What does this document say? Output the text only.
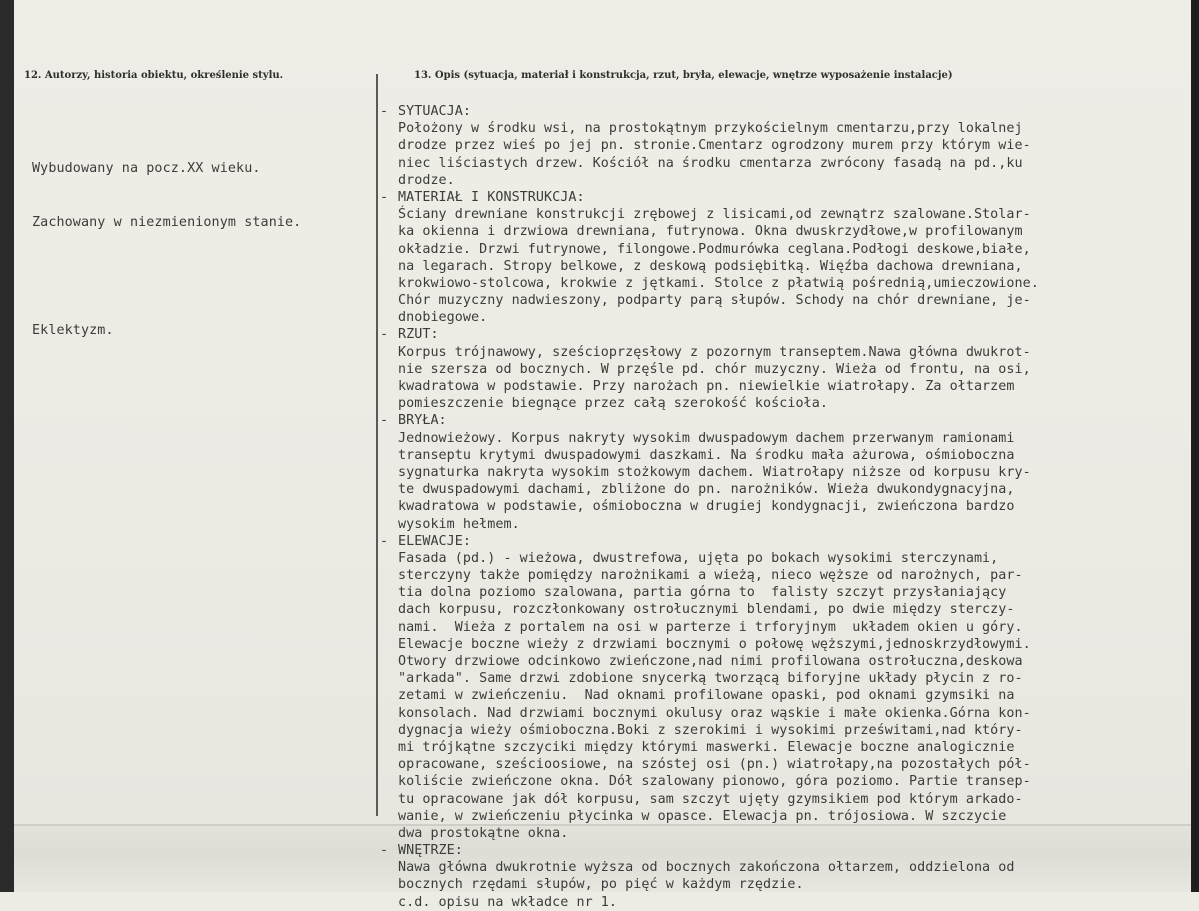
12. Autorzy, historia obiektu, określenie stylu.	13. Opis (sytuacja, materiał i konstrukcja, rzut, bryła, elewacje, wnętrze wyposażenie instalacje)

Wybudowany na pocz.XX wieku.

Zachowany w niezmienionym stanie.

Eklektyzm.

- SYTUACJA:
Położony w środku wsi, na prostokątnym przykościelnym cmentarzu,przy lokalnej
drodze przez wieś po jej pn. stronie.Cmentarz ogrodzony murem przy którym wie-
niec liściastych drzew. Kościół na środku cmentarza zwrócony fasadą na pd.,ku
drodze.
- MATERIAŁ I KONSTRUKCJA:
Ściany drewniane konstrukcji zrębowej z lisicami,od zewnątrz szalowane.Stolar-
ka okienna i drzwiowa drewniana, futrynowa. Okna dwuskrzydłowe,w profilowanym
okładzie. Drzwi futrynowe, filongowe.Podmurówka ceglana.Podłogi deskowe,białe,
na legarach. Stropy belkowe, z deskową podsiębitką. Więźba dachowa drewniana,
krokwiowo-stolcowa, krokwie z jętkami. Stolce z płatwią pośrednią,umieczowione.
Chór muzyczny nadwieszony, podparty parą słupów. Schody na chór drewniane, je-
dnobiegowe.
- RZUT:
Korpus trójnawowy, sześcioprzęsłowy z pozornym transeptem.Nawa główna dwukrot-
nie szersza od bocznych. W przęśle pd. chór muzyczny. Wieża od frontu, na osi,
kwadratowa w podstawie. Przy narożach pn. niewielkie wiatrołapy. Za ołtarzem
pomieszczenie biegnące przez całą szerokość kościoła.
- BRYŁA:
Jednowieżowy. Korpus nakryty wysokim dwuspadowym dachem przerwanym ramionami
transeptu krytymi dwuspadowymi daszkami. Na środku mała ażurowa, ośmioboczna
sygnaturka nakryta wysokim stożkowym dachem. Wiatrołapy niższe od korpusu kry-
te dwuspadowymi dachami, zbliżone do pn. narożników. Wieża dwukondygnacyjna,
kwadratowa w podstawie, ośmioboczna w drugiej kondygnacji, zwieńczona bardzo
wysokim hełmem.
- ELEWACJE:
Fasada (pd.) - wieżowa, dwustrefowa, ujęta po bokach wysokimi sterczynami,
sterczyny także pomiędzy narożnikami a wieżą, nieco węższe od narożnych, par-
tia dolna poziomo szalowana, partia górna to  falisty szczyt przysłaniający
dach korpusu, rozczłonkowany ostrołucznymi blendami, po dwie między sterczy-
nami.  Wieża z portalem na osi w parterze i trforyjnym  układem okien u góry.
Elewacje boczne wieży z drzwiami bocznymi o połowę węższymi,jednoskrzydłowymi.
Otwory drzwiowe odcinkowo zwieńczone,nad nimi profilowana ostrołuczna,deskowa
"arkada". Same drzwi zdobione snycerką tworzącą biforyjne układy płycin z ro-
zetami w zwieńczeniu.  Nad oknami profilowane opaski, pod oknami gzymsiki na
konsolach. Nad drzwiami bocznymi okulusy oraz wąskie i małe okienka.Górna kon-
dygnacja wieży ośmioboczna.Boki z szerokimi i wysokimi prześwitami,nad który-
mi trójkątne szczyciki między którymi maswerki. Elewacje boczne analogicznie
opracowane, sześcioosiowe, na szóstej osi (pn.) wiatrołapy,na pozostałych pół-
koliście zwieńczone okna. Dół szalowany pionowo, góra poziomo. Partie transep-
tu opracowane jak dół korpusu, sam szczyt ujęty gzymsikiem pod którym arkado-
wanie, w zwieńczeniu płycinka w opasce. Elewacja pn. trójosiowa. W szczycie
dwa prostokątne okna.
- WNĘTRZE:
Nawa główna dwukrotnie wyższa od bocznych zakończona ołtarzem, oddzielona od
bocznych rzędami słupów, po pięć w każdym rzędzie.
c.d. opisu na wkładce nr 1.
